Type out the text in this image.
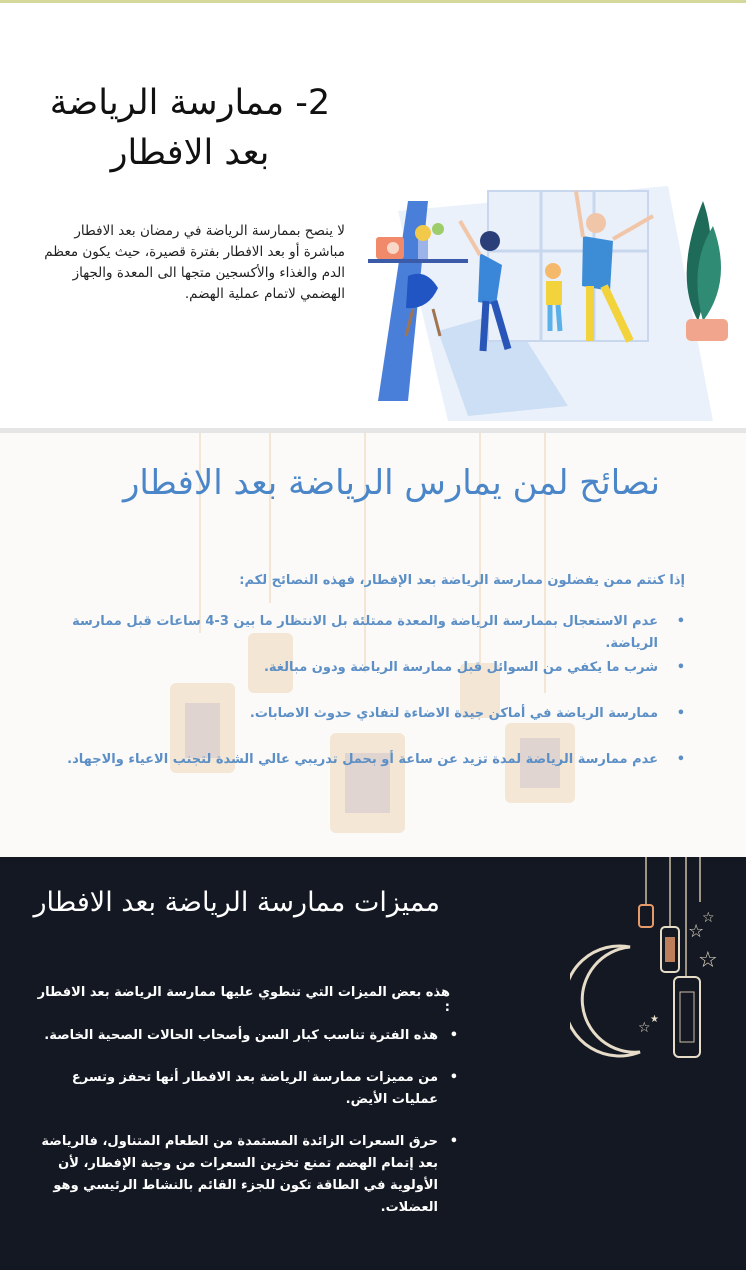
2- ممارسة الرياضة
بعد الافطار
لا ينصح بممارسة الرياضة في رمضان بعد الافطار مباشرة أو بعد الافطار بفترة قصيرة، حيث يكون معظم الدم والغذاء والأكسجين متجها الى المعدة والجهاز الهضمي لاتمام عملية الهضم.
نصائح لمن يمارس الرياضة بعد الافطار
إذا كنتم ممن يفضلون ممارسة الرياضة بعد الإفطار، فهذه النصائح لكم:
•
عدم الاستعجال بممارسة الرياضة والمعدة ممتلئة بل الانتظار ما بين 3-4 ساعات قبل ممارسة الرياضة.
•
شرب ما يكفي من السوائل قبل ممارسة الرياضة ودون مبالغة.
•
ممارسة الرياضة في أماكن جيدة الاضاءة لتفادي حدوث الاصابات.
•
عدم ممارسة الرياضة لمدة تزيد عن ساعة أو بحمل تدريبي عالي الشدة لتجنب الاعياء والاجهاد.
مميزات ممارسة الرياضة بعد الافطار
هذه بعض الميزات التي تنطوي عليها ممارسة الرياضة بعد الافطار :
•
هذه الفترة تناسب كبار السن وأصحاب الحالات الصحية الخاصة.
•
من مميزات ممارسة الرياضة بعد الافطار أنها تحفز وتسرع عمليات الأيض.
•
حرق السعرات الزائدة المستمدة من الطعام المتناول، فالرياضة بعد إتمام الهضم تمنع تخزين السعرات من وجبة الإفطار، لأن الأولوية في الطاقة تكون للجزء القائم بالنشاط الرئيسي وهو العضلات.
☆
☆
☆
☆
★
